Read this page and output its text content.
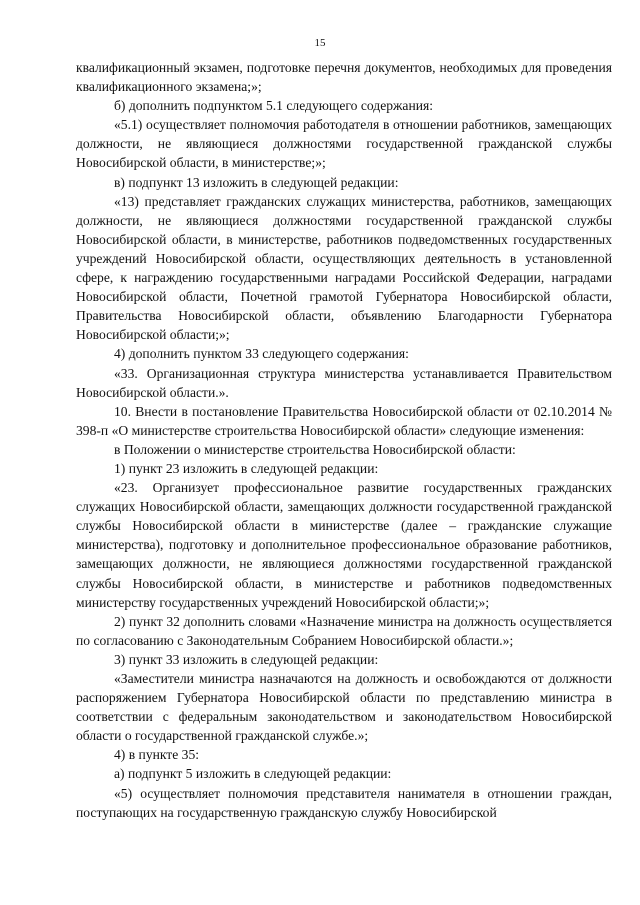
15

квалификационный экзамен, подготовке перечня документов, необходимых для проведения квалификационного экзамена;»;

б) дополнить подпунктом 5.1 следующего содержания:

«5.1) осуществляет полномочия работодателя в отношении работников, замещающих должности, не являющиеся должностями государственной гражданской службы Новосибирской области, в министерстве;»;

в) подпункт 13 изложить в следующей редакции:

«13) представляет гражданских служащих министерства, работников, замещающих должности, не являющиеся должностями государственной гражданской службы Новосибирской области, в министерстве, работников подведомственных государственных учреждений Новосибирской области, осуществляющих деятельность в установленной сфере, к награждению государственными наградами Российской Федерации, наградами Новосибирской области, Почетной грамотой Губернатора Новосибирской области, Правительства Новосибирской области, объявлению Благодарности Губернатора Новосибирской области;»;

4) дополнить пунктом 33 следующего содержания:

«33. Организационная структура министерства устанавливается Правительством Новосибирской области.».

10. Внести в постановление Правительства Новосибирской области от 02.10.2014 № 398-п «О министерстве строительства Новосибирской области» следующие изменения:

в Положении о министерстве строительства Новосибирской области:

1) пункт 23 изложить в следующей редакции:

«23. Организует профессиональное развитие государственных гражданских служащих Новосибирской области, замещающих должности государственной гражданской службы Новосибирской области в министерстве (далее – гражданские служащие министерства), подготовку и дополнительное профессиональное образование работников, замещающих должности, не являющиеся должностями государственной гражданской службы Новосибирской области, в министерстве и работников подведомственных министерству государственных учреждений Новосибирской области;»;

2) пункт 32 дополнить словами «Назначение министра на должность осуществляется по согласованию с Законодательным Собранием Новосибирской области.»;

3) пункт 33 изложить в следующей редакции:

«Заместители министра назначаются на должность и освобождаются от должности распоряжением Губернатора Новосибирской области по представлению министра в соответствии с федеральным законодательством и законодательством Новосибирской области о государственной гражданской службе.»;

4) в пункте 35:

а) подпункт 5 изложить в следующей редакции:

«5) осуществляет полномочия представителя нанимателя в отношении граждан, поступающих на государственную гражданскую службу Новосибирской
